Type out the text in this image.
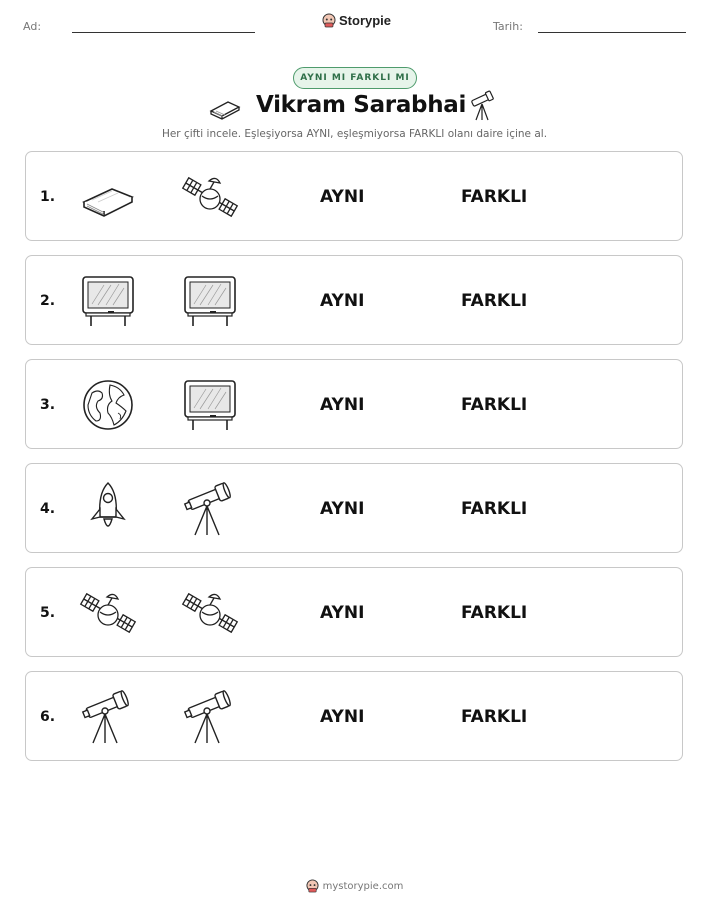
Ad:	Storypie	Tarih:
AYNI MI FARKLI MI
Vikram Sarabhai
Her çifti incele. Eşleşiyorsa AYNI, eşleşmiyorsa FARKLI olanı daire içine al.
1.	AYNI	FARKLI
2.	AYNI	FARKLI
3.	AYNI	FARKLI
4.	AYNI	FARKLI
5.	AYNI	FARKLI
6.	AYNI	FARKLI
mystorypie.com
